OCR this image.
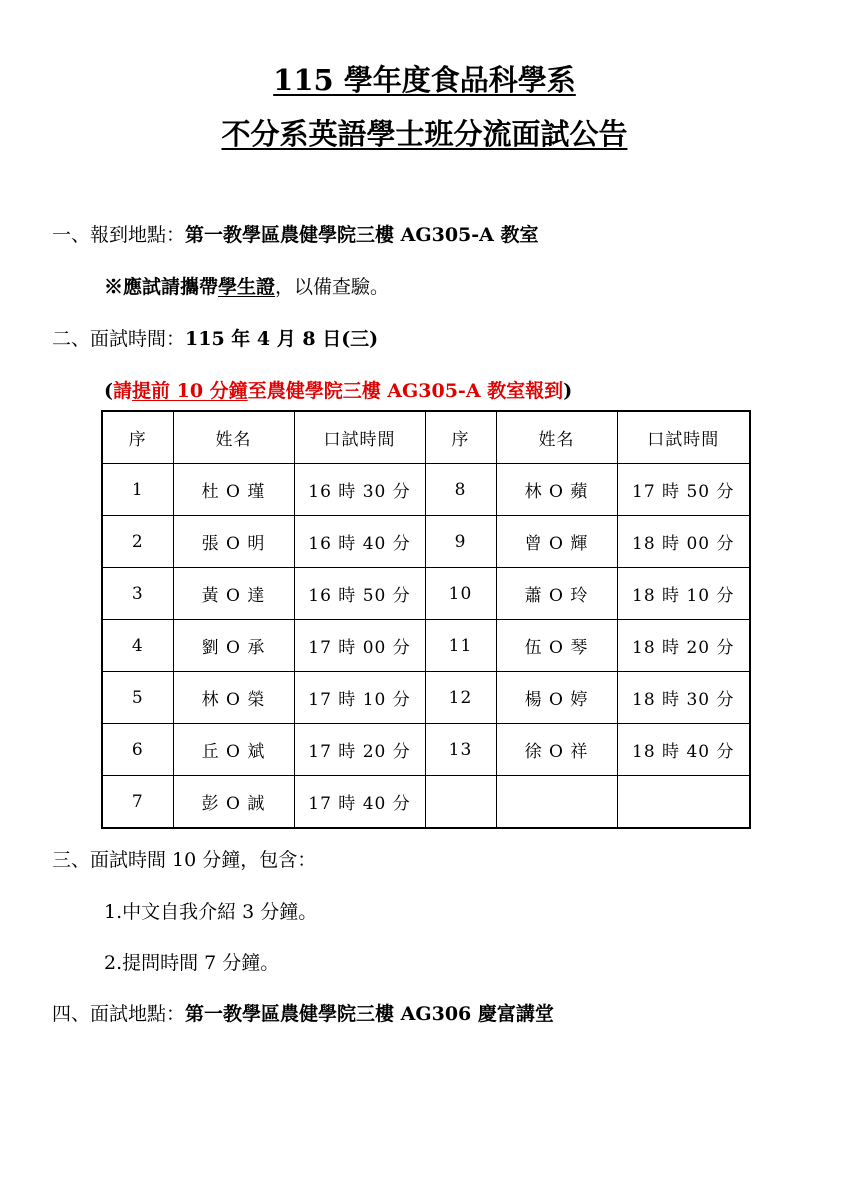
115 學年度食品科學系
不分系英語學士班分流面試公告
一、報到地點：第一教學區農健學院三樓 AG305-A 教室
※應試請攜帶學生證，以備查驗。
二、面試時間：115 年 4 月 8 日(三)
(請提前 10 分鐘至農健學院三樓 AG305-A 教室報到)
序	姓名	口試時間	序	姓名	口試時間
1	杜 O 瑾	16 時 30 分	8	林 O 蘋	17 時 50 分
2	張 O 明	16 時 40 分	9	曾 O 輝	18 時 00 分
3	黃 O 達	16 時 50 分	10	蕭 O 玲	18 時 10 分
4	劉 O 承	17 時 00 分	11	伍 O 琴	18 時 20 分
5	林 O 榮	17 時 10 分	12	楊 O 婷	18 時 30 分
6	丘 O 斌	17 時 20 分	13	徐 O 祥	18 時 40 分
7	彭 O 誠	17 時 40 分			
三、面試時間 10 分鐘，包含：
1.中文自我介紹 3 分鐘。
2.提問時間 7 分鐘。
四、面試地點：第一教學區農健學院三樓 AG306 慶富講堂
